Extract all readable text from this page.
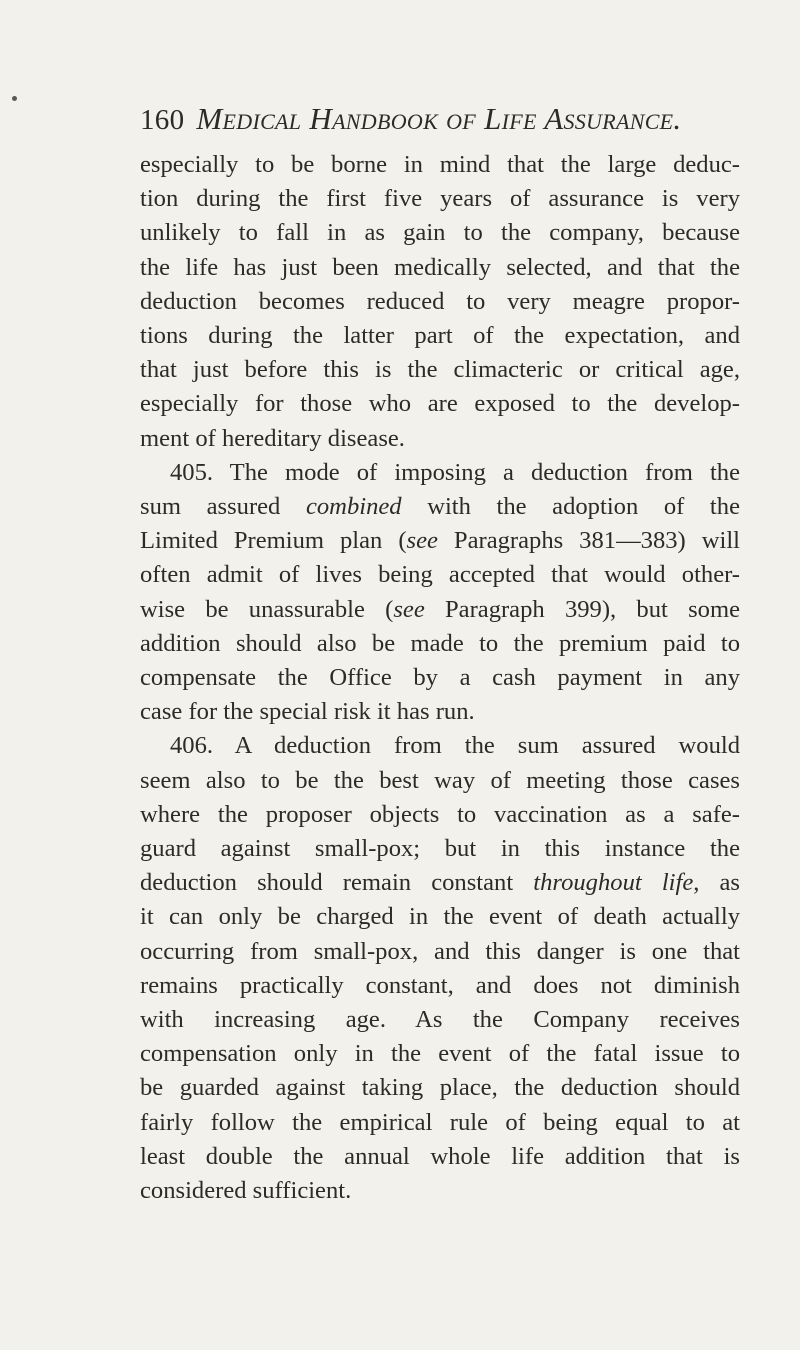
160 Medical Handbook of Life Assurance.
especially to be borne in mind that the large deduc-
tion during the first five years of assurance is very
unlikely to fall in as gain to the company, because
the life has just been medically selected, and that the
deduction becomes reduced to very meagre propor-
tions during the latter part of the expectation, and
that just before this is the climacteric or critical age,
especially for those who are exposed to the develop-
ment of hereditary disease.
405. The mode of imposing a deduction from the
sum assured combined with the adoption of the
Limited Premium plan (see Paragraphs 381—383) will
often admit of lives being accepted that would other-
wise be unassurable (see Paragraph 399), but some
addition should also be made to the premium paid to
compensate the Office by a cash payment in any
case for the special risk it has run.
406. A deduction from the sum assured would
seem also to be the best way of meeting those cases
where the proposer objects to vaccination as a safe-
guard against small-pox; but in this instance the
deduction should remain constant throughout life, as
it can only be charged in the event of death actually
occurring from small-pox, and this danger is one that
remains practically constant, and does not diminish
with increasing age. As the Company receives
compensation only in the event of the fatal issue to
be guarded against taking place, the deduction should
fairly follow the empirical rule of being equal to at
least double the annual whole life addition that is
considered sufficient.
